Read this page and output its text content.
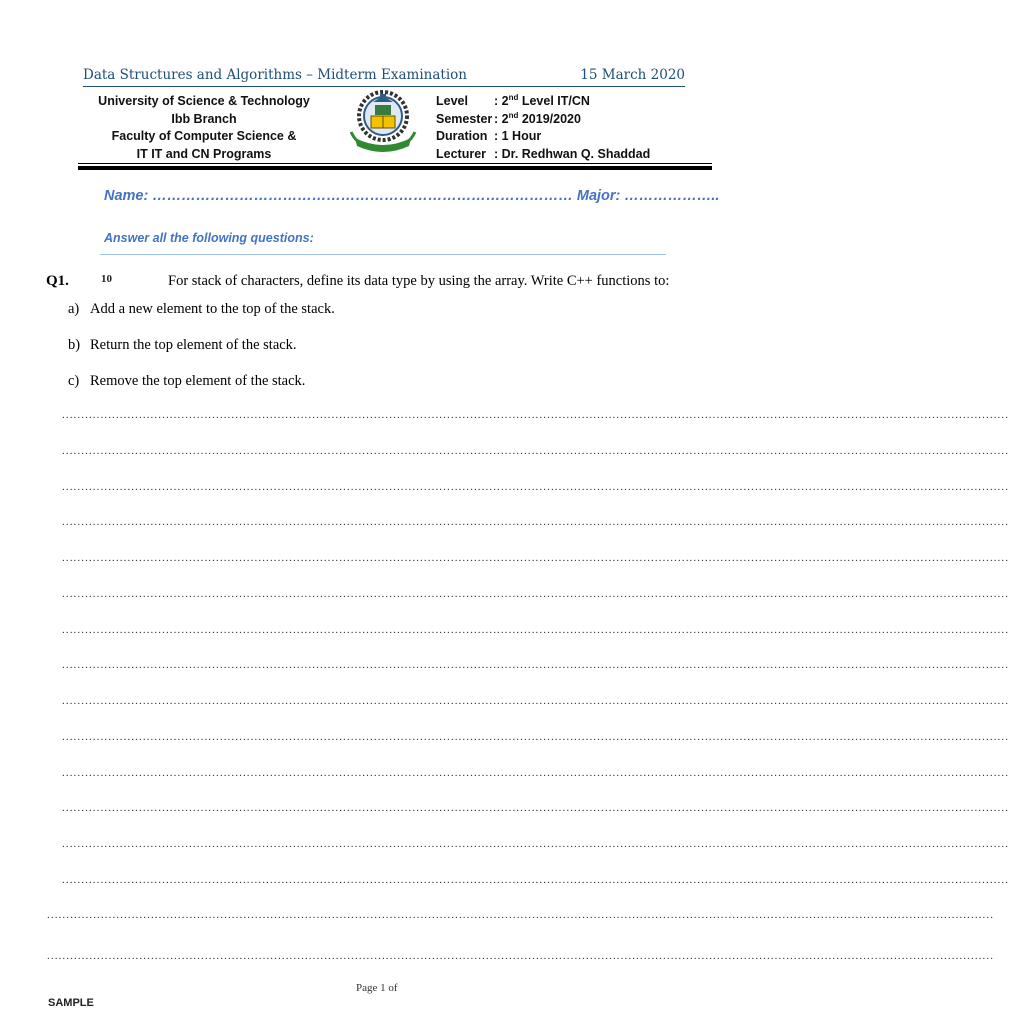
Data Structures and Algorithms – Midterm Examination	15 March 2020
University of Science & Technology
Ibb Branch
Faculty of Computer Science &
IT IT and CN Programs
Level : 2nd Level IT/CN
Semester : 2nd 2019/2020
Duration : 1 Hour
Lecturer : Dr. Redhwan Q. Shaddad
Name: …………………………………………………………………………… Major: ………………..
Answer all the following questions:
Q1.	10	For stack of characters, define its data type by using the array. Write C++ functions to:
a) Add a new element to the top of the stack.
b) Return the top element of the stack.
c) Remove the top element of the stack.
......................................................................................................................................................................................................................................................
......................................................................................................................................................................................................................................................
......................................................................................................................................................................................................................................................
......................................................................................................................................................................................................................................................
......................................................................................................................................................................................................................................................
......................................................................................................................................................................................................................................................
......................................................................................................................................................................................................................................................
......................................................................................................................................................................................................................................................
......................................................................................................................................................................................................................................................
......................................................................................................................................................................................................................................................
......................................................................................................................................................................................................................................................
......................................................................................................................................................................................................................................................
......................................................................................................................................................................................................................................................
......................................................................................................................................................................................................................................................
......................................................................................................................................................................................................................................................
......................................................................................................................................................................................................................................................
Page 1 of
SAMPLE
